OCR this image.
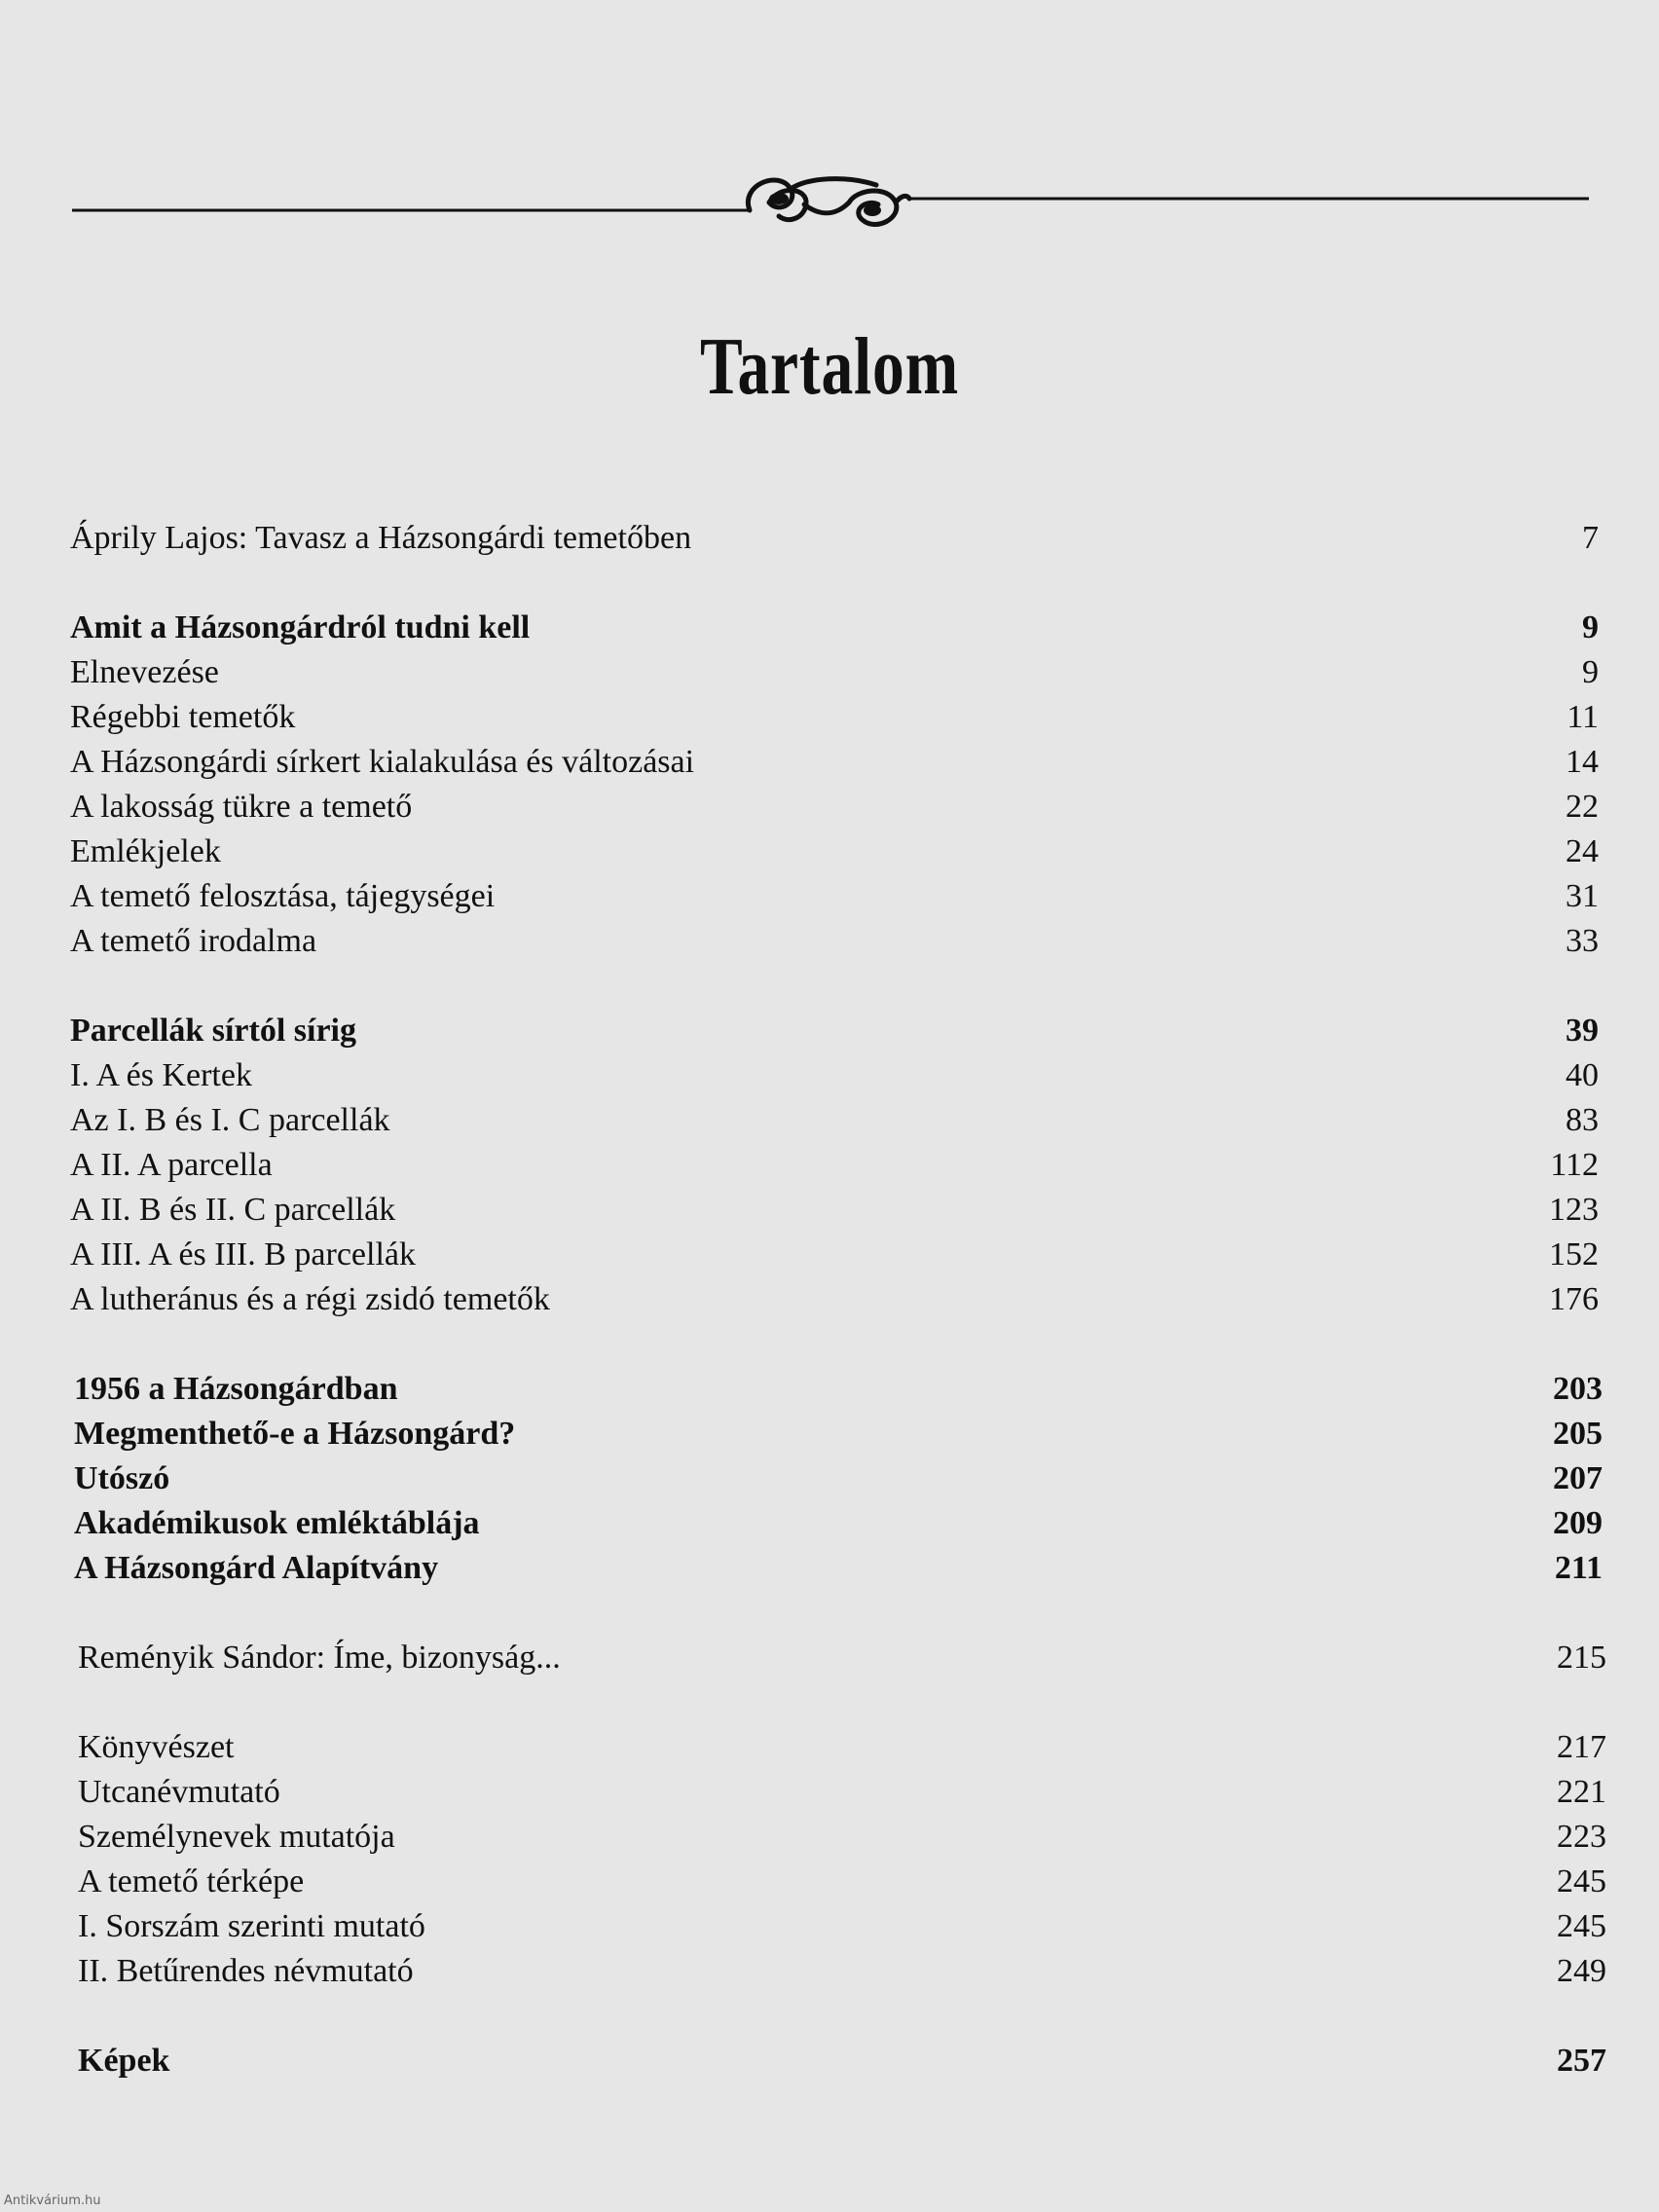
Tartalom
Áprily Lajos: Tavasz a Házsongárdi temetőben	7
Amit a Házsongárdról tudni kell	9
Elnevezése	9
Régebbi temetők	11
A Házsongárdi sírkert kialakulása és változásai	14
A lakosság tükre a temető	22
Emlékjelek	24
A temető felosztása, tájegységei	31
A temető irodalma	33
Parcellák sírtól sírig	39
I. A és Kertek	40
Az I. B és I. C parcellák	83
A II. A parcella	112
A II. B és II. C parcellák	123
A III. A és III. B parcellák	152
A lutheránus és a régi zsidó temetők	176
1956 a Házsongárdban	203
Megmenthető-e a Házsongárd?	205
Utószó	207
Akadémikusok emléktáblája	209
A Házsongárd Alapítvány	211
Reményik Sándor: Íme, bizonyság...	215
Könyvészet	217
Utcanévmutató	221
Személynevek mutatója	223
A temető térképe	245
I. Sorszám szerinti mutató	245
II. Betűrendes névmutató	249
Képek	257
Antikvárium.hu
